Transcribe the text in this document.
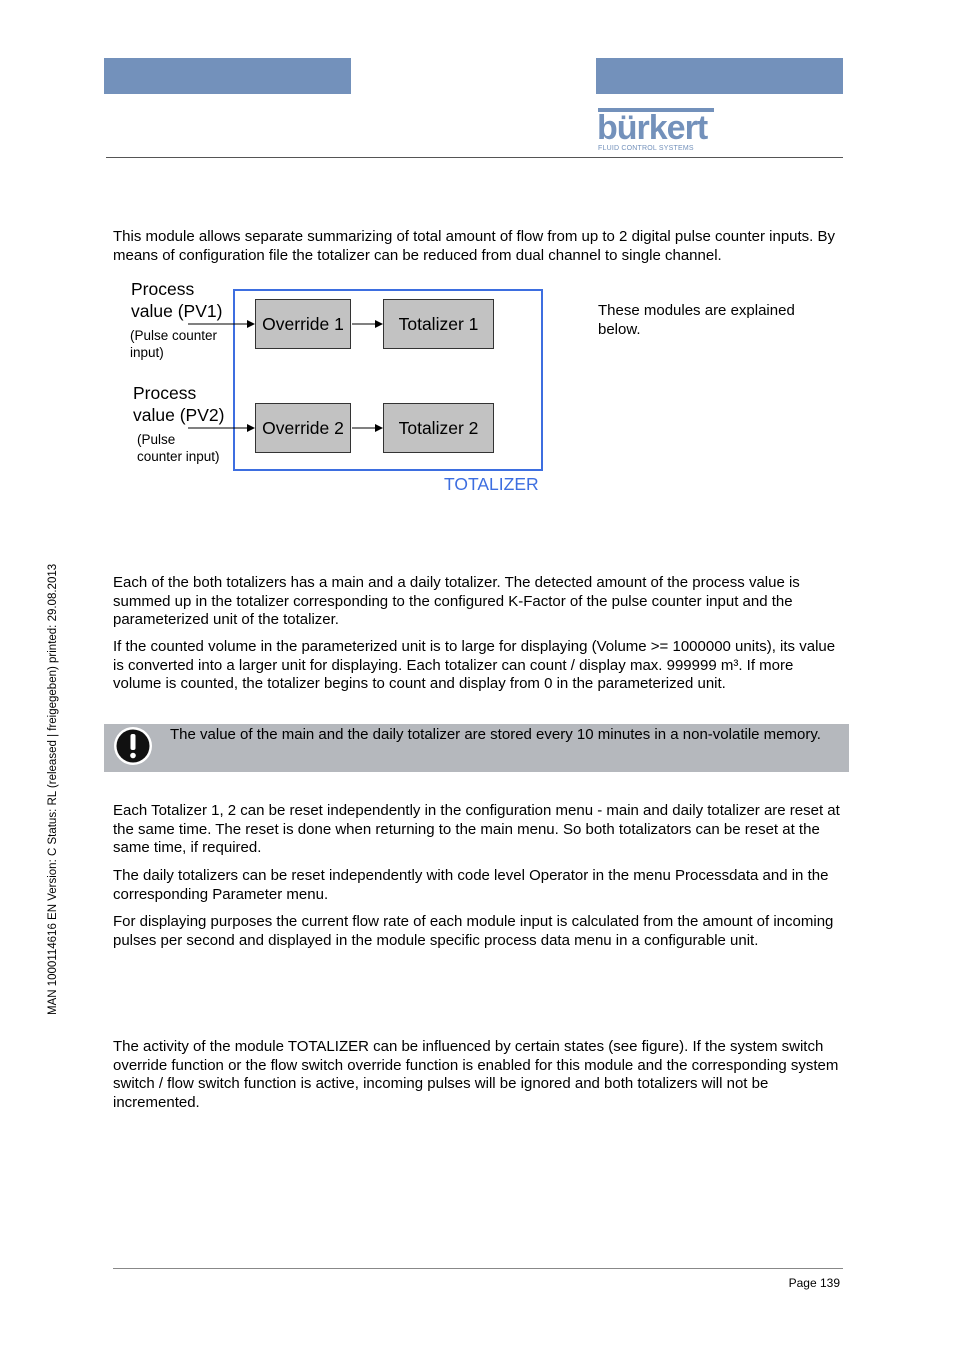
bürkert
FLUID CONTROL SYSTEMS

This module allows separate summarizing of total amount of flow from up to 2 digital pulse counter inputs. By means of configuration file the totalizer can be reduced from dual channel to single channel.

Process
value (PV1)
(Pulse counter
input)
Process
value (PV2)
(Pulse
counter input)
Override 1	Totalizer 1
Override 2	Totalizer 2
TOTALIZER
These modules are explained below.

Each of the both totalizers has a main and a daily totalizer. The detected amount of the process value is summed up in the totalizer corresponding to the configured K-Factor of the pulse counter input and the parameterized unit of the totalizer.

If the counted volume in the parameterized unit is to large for displaying (Volume >= 1000000 units), its value is converted into a larger unit for displaying. Each totalizer can count / display max. 999999 m³. If more volume is counted, the totalizer begins to count and display from 0 in the parameterized unit.

The value of the main and the daily totalizer are stored every 10 minutes in a non-volatile memory.

Each Totalizer 1, 2 can be reset independently in the configuration menu - main and daily totalizer are reset at the same time. The reset is done when returning to the main menu. So both totalizators can be reset at the same time, if required.

The daily totalizers can be reset independently with code level Operator in the menu Processdata and in the corresponding Parameter menu.

For displaying purposes the current flow rate of each module input is calculated from the amount of incoming pulses per second and displayed in the module specific process data menu in a configurable unit.

The activity of the module TOTALIZER can be influenced by certain states (see figure). If the system switch override function or the flow switch override function is enabled for this module and the corresponding system switch / flow switch function is active, incoming pulses will be ignored and both totalizers will not be incremented.

MAN 1000114616 EN Version: C Status: RL (released | freigegeben) printed: 29.08.2013
Page 139
